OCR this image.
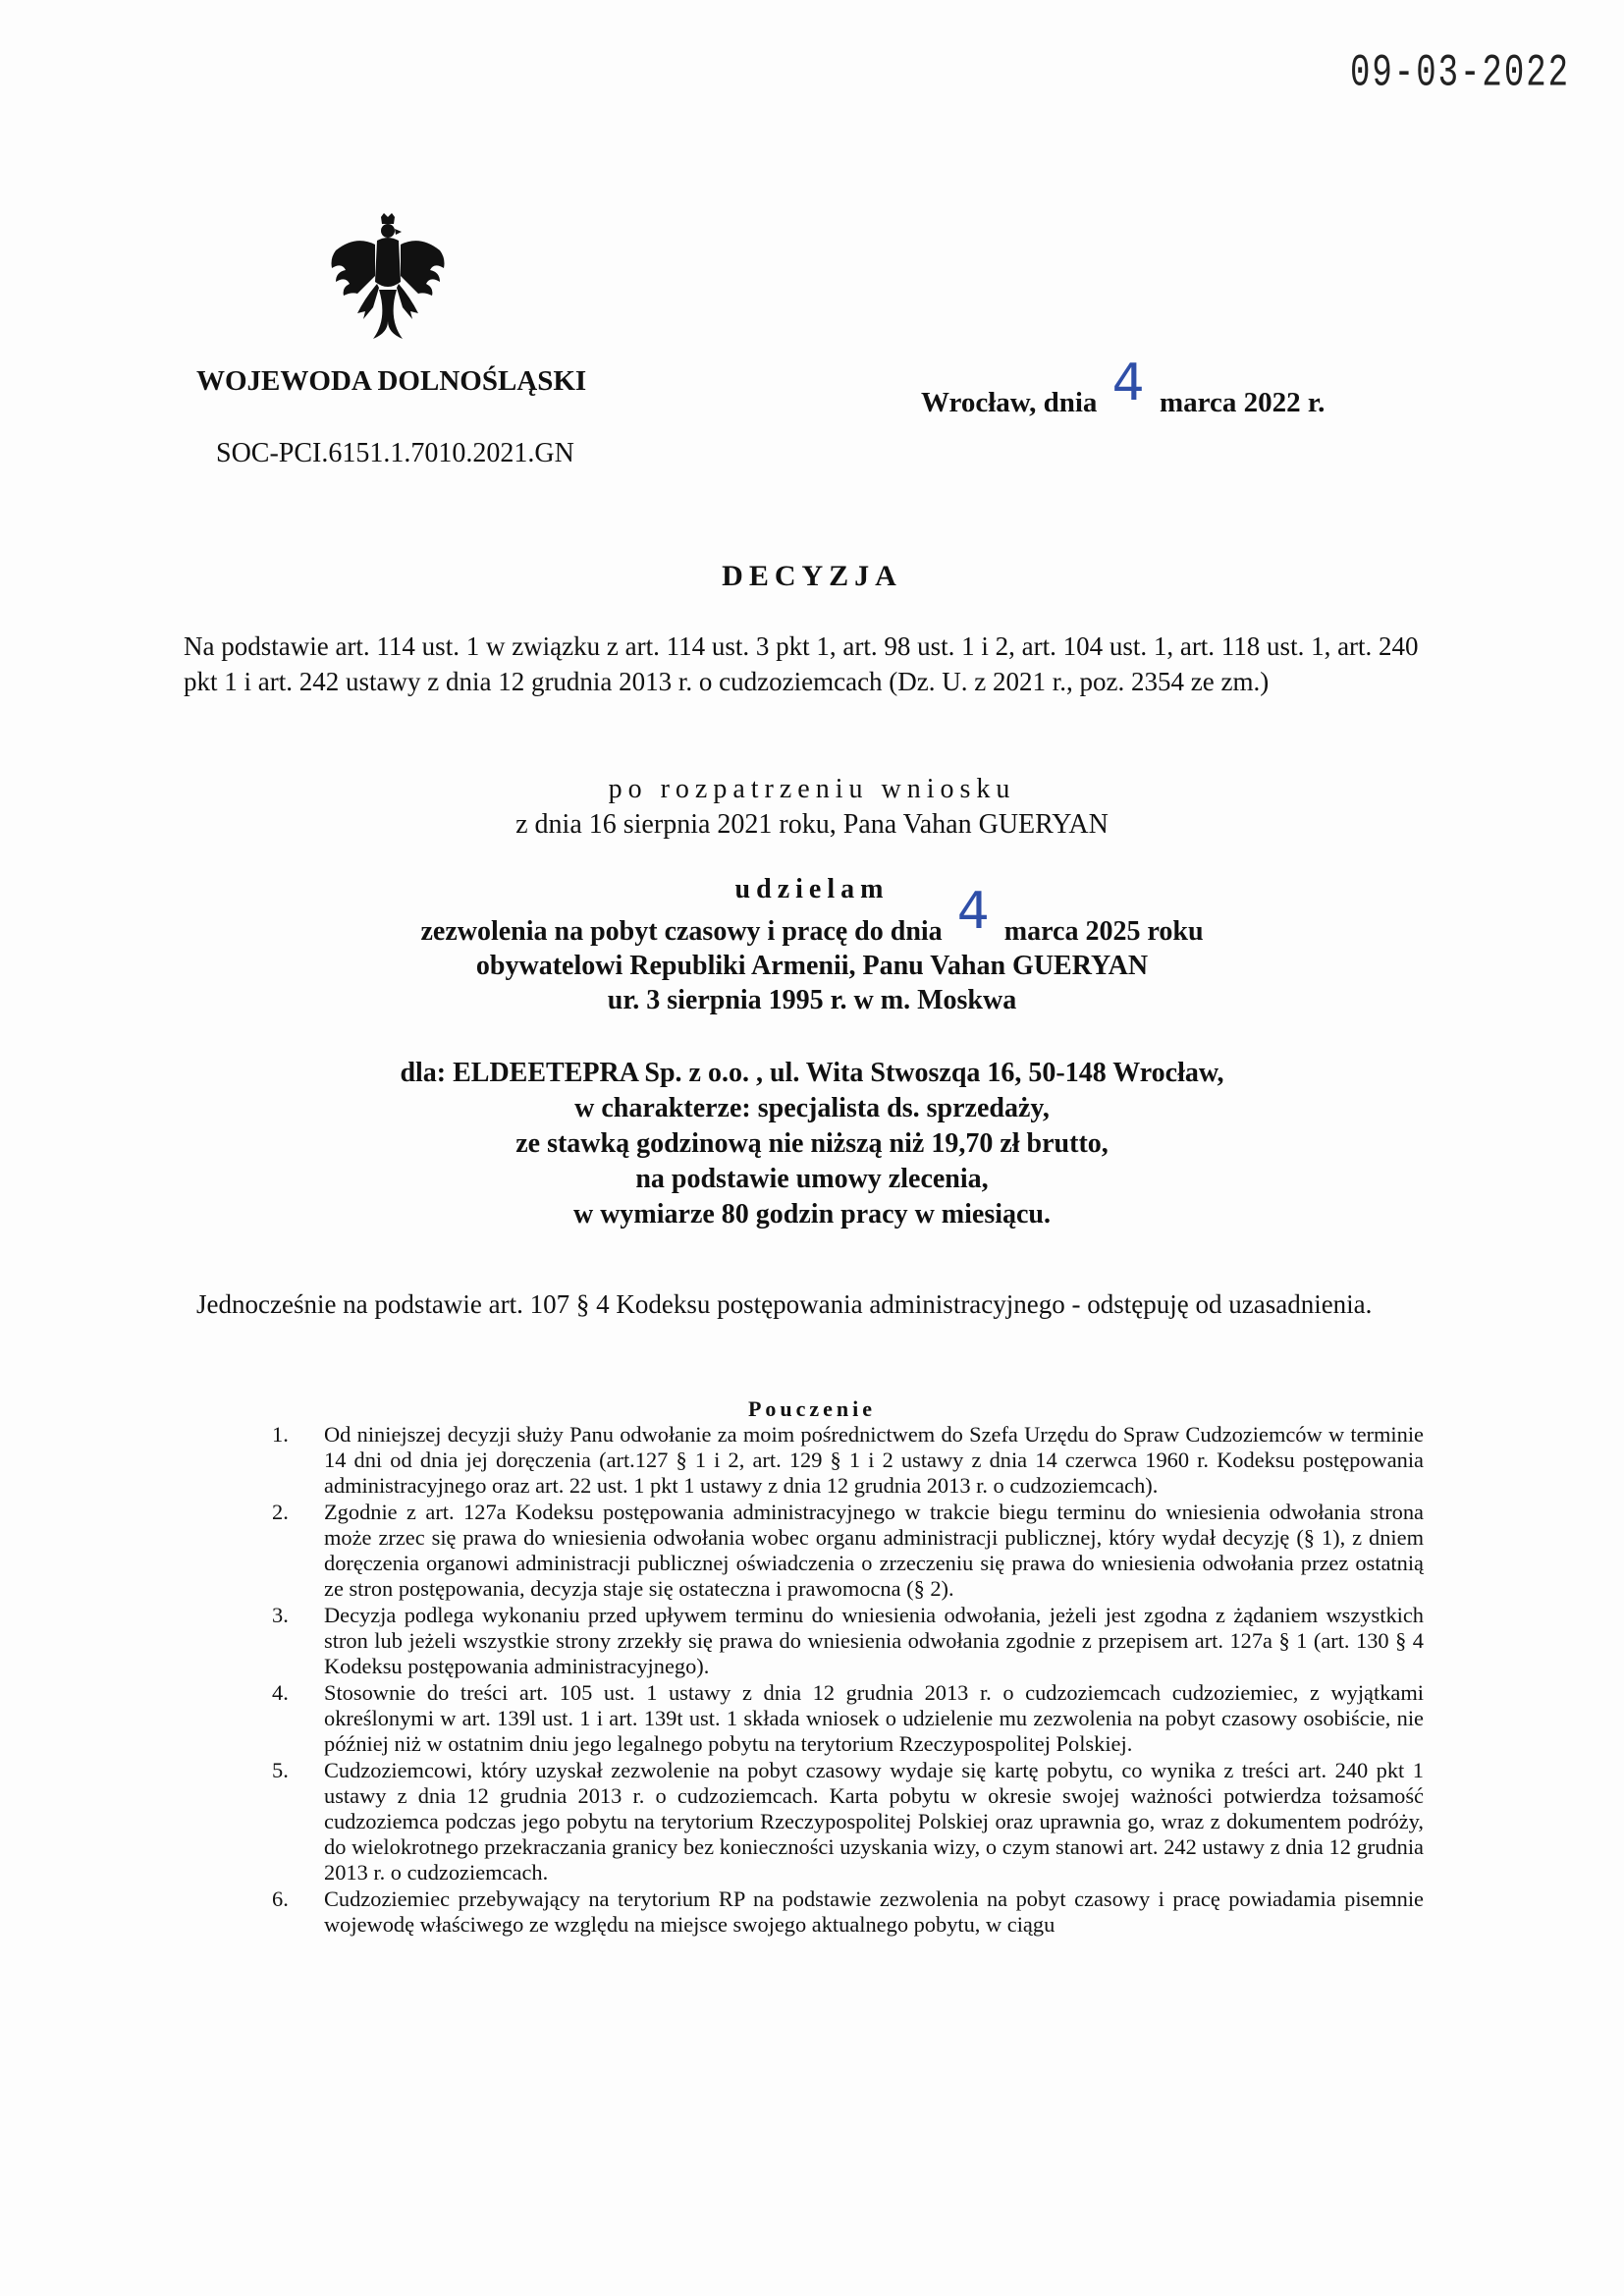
09-03-2022
WOJEWODA DOLNOŚLĄSKI
Wrocław, dnia 4 marca 2022 r.
SOC-PCI.6151.1.7010.2021.GN
DECYZJA
Na podstawie art. 114 ust. 1 w związku z art. 114 ust. 3 pkt 1, art. 98 ust. 1 i 2, art. 104 ust. 1, art. 118 ust. 1, art. 240 pkt 1 i art. 242 ustawy z dnia 12 grudnia 2013 r. o cudzoziemcach (Dz. U. z 2021 r., poz. 2354 ze zm.)
po rozpatrzeniu wniosku
z dnia 16 sierpnia 2021 roku, Pana Vahan GUERYAN
udzielam
zezwolenia na pobyt czasowy i pracę do dnia 4 marca 2025 roku
obywatelowi Republiki Armenii, Panu Vahan GUERYAN
ur. 3 sierpnia 1995 r. w m. Moskwa
dla: ELDEETEPRA Sp. z o.o. , ul. Wita Stwoszqa 16, 50-148 Wrocław,
w charakterze: specjalista ds. sprzedaży,
ze stawką godzinową nie niższą niż 19,70 zł brutto,
na podstawie umowy zlecenia,
w wymiarze 80 godzin pracy w miesiącu.
Jednocześnie na podstawie art. 107 § 4 Kodeksu postępowania administracyjnego - odstępuję od uzasadnienia.
Pouczenie
1. Od niniejszej decyzji służy Panu odwołanie za moim pośrednictwem do Szefa Urzędu do Spraw Cudzoziemców w terminie 14 dni od dnia jej doręczenia (art.127 § 1 i 2, art. 129 § 1 i 2 ustawy z dnia 14 czerwca 1960 r. Kodeksu postępowania administracyjnego oraz art. 22 ust. 1 pkt 1 ustawy z dnia 12 grudnia 2013 r. o cudzoziemcach).
2. Zgodnie z art. 127a Kodeksu postępowania administracyjnego w trakcie biegu terminu do wniesienia odwołania strona może zrzec się prawa do wniesienia odwołania wobec organu administracji publicznej, który wydał decyzję (§ 1), z dniem doręczenia organowi administracji publicznej oświadczenia o zrzeczeniu się prawa do wniesienia odwołania przez ostatnią ze stron postępowania, decyzja staje się ostateczna i prawomocna (§ 2).
3. Decyzja podlega wykonaniu przed upływem terminu do wniesienia odwołania, jeżeli jest zgodna z żądaniem wszystkich stron lub jeżeli wszystkie strony zrzekły się prawa do wniesienia odwołania zgodnie z przepisem art. 127a § 1 (art. 130 § 4 Kodeksu postępowania administracyjnego).
4. Stosownie do treści art. 105 ust. 1 ustawy z dnia 12 grudnia 2013 r. o cudzoziemcach cudzoziemiec, z wyjątkami określonymi w art. 139l ust. 1 i art. 139t ust. 1 składa wniosek o udzielenie mu zezwolenia na pobyt czasowy osobiście, nie później niż w ostatnim dniu jego legalnego pobytu na terytorium Rzeczypospolitej Polskiej.
5. Cudzoziemcowi, który uzyskał zezwolenie na pobyt czasowy wydaje się kartę pobytu, co wynika z treści art. 240 pkt 1 ustawy z dnia 12 grudnia 2013 r. o cudzoziemcach. Karta pobytu w okresie swojej ważności potwierdza tożsamość cudzoziemca podczas jego pobytu na terytorium Rzeczypospolitej Polskiej oraz uprawnia go, wraz z dokumentem podróży, do wielokrotnego przekraczania granicy bez konieczności uzyskania wizy, o czym stanowi art. 242 ustawy z dnia 12 grudnia 2013 r. o cudzoziemcach.
6. Cudzoziemiec przebywający na terytorium RP na podstawie zezwolenia na pobyt czasowy i pracę powiadamia pisemnie wojewodę właściwego ze względu na miejsce swojego aktualnego pobytu, w ciągu
